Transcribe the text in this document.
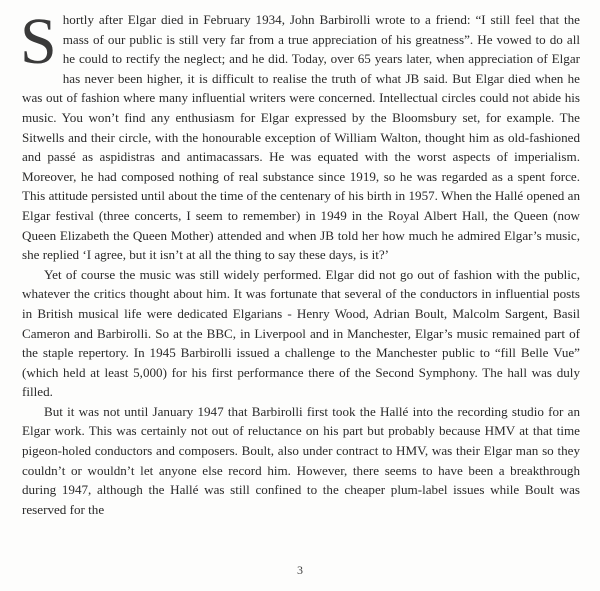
Shortly after Elgar died in February 1934, John Barbirolli wrote to a friend: “I still feel that the mass of our public is still very far from a true appreciation of his greatness”. He vowed to do all he could to rectify the neglect; and he did. Today, over 65 years later, when appreciation of Elgar has never been higher, it is difficult to realise the truth of what JB said. But Elgar died when he was out of fashion where many influential writers were concerned. Intellectual circles could not abide his music. You won’t find any enthusiasm for Elgar expressed by the Bloomsbury set, for example. The Sitwells and their circle, with the honourable exception of William Walton, thought him as old-fashioned and passé as aspidistras and antimacassars. He was equated with the worst aspects of imperialism. Moreover, he had composed nothing of real substance since 1919, so he was regarded as a spent force. This attitude persisted until about the time of the centenary of his birth in 1957. When the Hallé opened an Elgar festival (three concerts, I seem to remember) in 1949 in the Royal Albert Hall, the Queen (now Queen Elizabeth the Queen Mother) attended and when JB told her how much he admired Elgar’s music, she replied ‘I agree, but it isn’t at all the thing to say these days, is it?’

Yet of course the music was still widely performed. Elgar did not go out of fashion with the public, whatever the critics thought about him. It was fortunate that several of the conductors in influential posts in British musical life were dedicated Elgarians - Henry Wood, Adrian Boult, Malcolm Sargent, Basil Cameron and Barbirolli. So at the BBC, in Liverpool and in Manchester, Elgar’s music remained part of the staple repertory. In 1945 Barbirolli issued a challenge to the Manchester public to “fill Belle Vue” (which held at least 5,000) for his first performance there of the Second Symphony. The hall was duly filled.

But it was not until January 1947 that Barbirolli first took the Hallé into the recording studio for an Elgar work. This was certainly not out of reluctance on his part but probably because HMV at that time pigeon-holed conductors and composers. Boult, also under contract to HMV, was their Elgar man so they couldn’t or wouldn’t let anyone else record him. However, there seems to have been a breakthrough during 1947, although the Hallé was still confined to the cheaper plum-label issues while Boult was reserved for the

3
